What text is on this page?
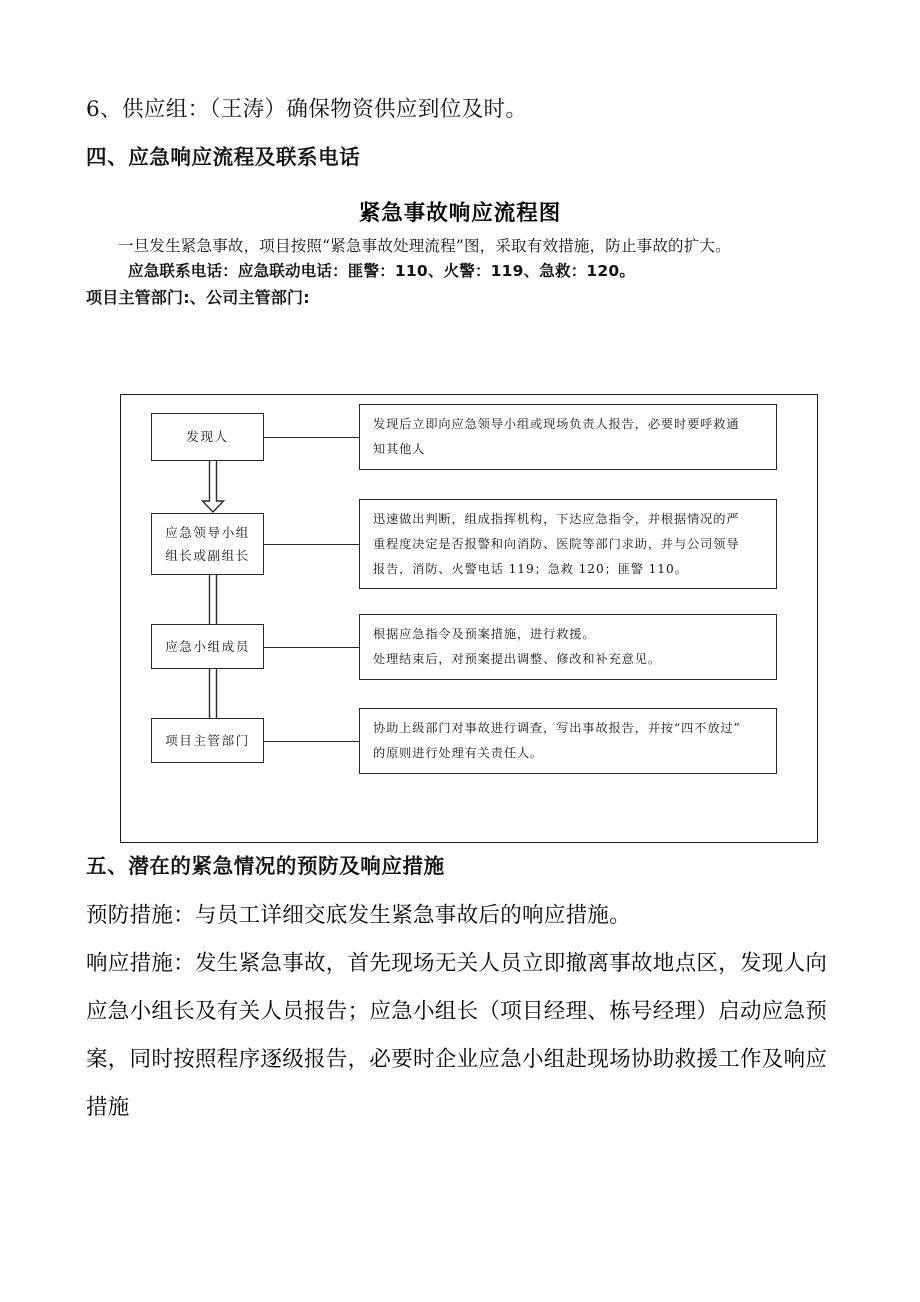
6、供应组：（王涛）确保物资供应到位及时。
四、应急响应流程及联系电话
紧急事故响应流程图
一旦发生紧急事故，项目按照“紧急事故处理流程”图，采取有效措施，防止事故的扩大。
应急联系电话：应急联动电话：匪警：110、火警：119、急救：120。
项目主管部门:、公司主管部门:
发现人

发现后立即向应急领导小组或现场负责人报告，必要时要呼救通

知其他人

应急领导小组
组长或副组长

迅速做出判断，组成指挥机构，下达应急指令，并根据情况的严

重程度决定是否报警和向消防、医院等部门求助，并与公司领导

报告，消防、火警电话 119；急救 120；匪警 110。

应急小组成员

根据应急指令及预案措施，进行救援。

处理结束后，对预案提出调整、修改和补充意见。

项目主管部门

协助上级部门对事故进行调查，写出事故报告，并按“四不放过”

的原则进行处理有关责任人。

五、潜在的紧急情况的预防及响应措施
预防措施：与员工详细交底发生紧急事故后的响应措施。
响应措施：发生紧急事故，首先现场无关人员立即撤离事故地点区，发现人向
应急小组长及有关人员报告；应急小组长（项目经理、栋号经理）启动应急预
案，同时按照程序逐级报告，必要时企业应急小组赴现场协助救援工作及响应
措施
